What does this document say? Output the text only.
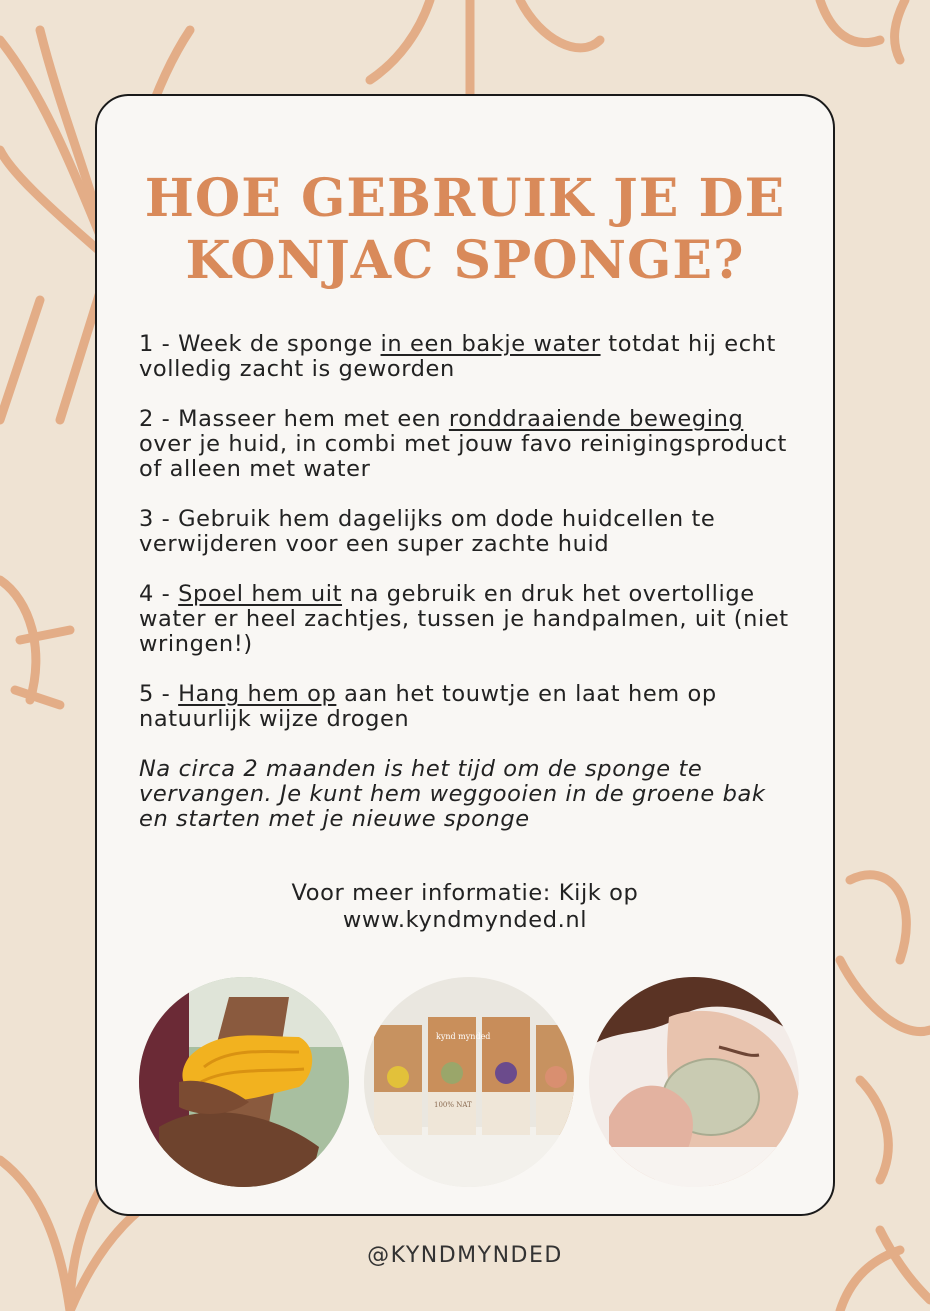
HOE GEBRUIK JE DE
KONJAC SPONGE?

1 - Week de sponge in een bakje water totdat hij echt volledig zacht is geworden

2 - Masseer hem met een ronddraaiende beweging over je huid, in combi met jouw favo reinigingsproduct of alleen met water

3 - Gebruik hem dagelijks om dode huidcellen te verwijderen voor een super zachte huid

4 - Spoel hem uit na gebruik en druk het overtollige water er heel zachtjes, tussen je handpalmen, uit (niet wringen!)

5 - Hang hem op aan het touwtje en laat hem op natuurlijk wijze drogen

Na circa 2 maanden is het tijd om de sponge te vervangen. Je kunt hem weggooien in de groene bak en starten met je nieuwe sponge

Voor meer informatie: Kijk op
www.kyndmynded.nl
kynd mynded
100% NAT
@KYNDMYNDED
